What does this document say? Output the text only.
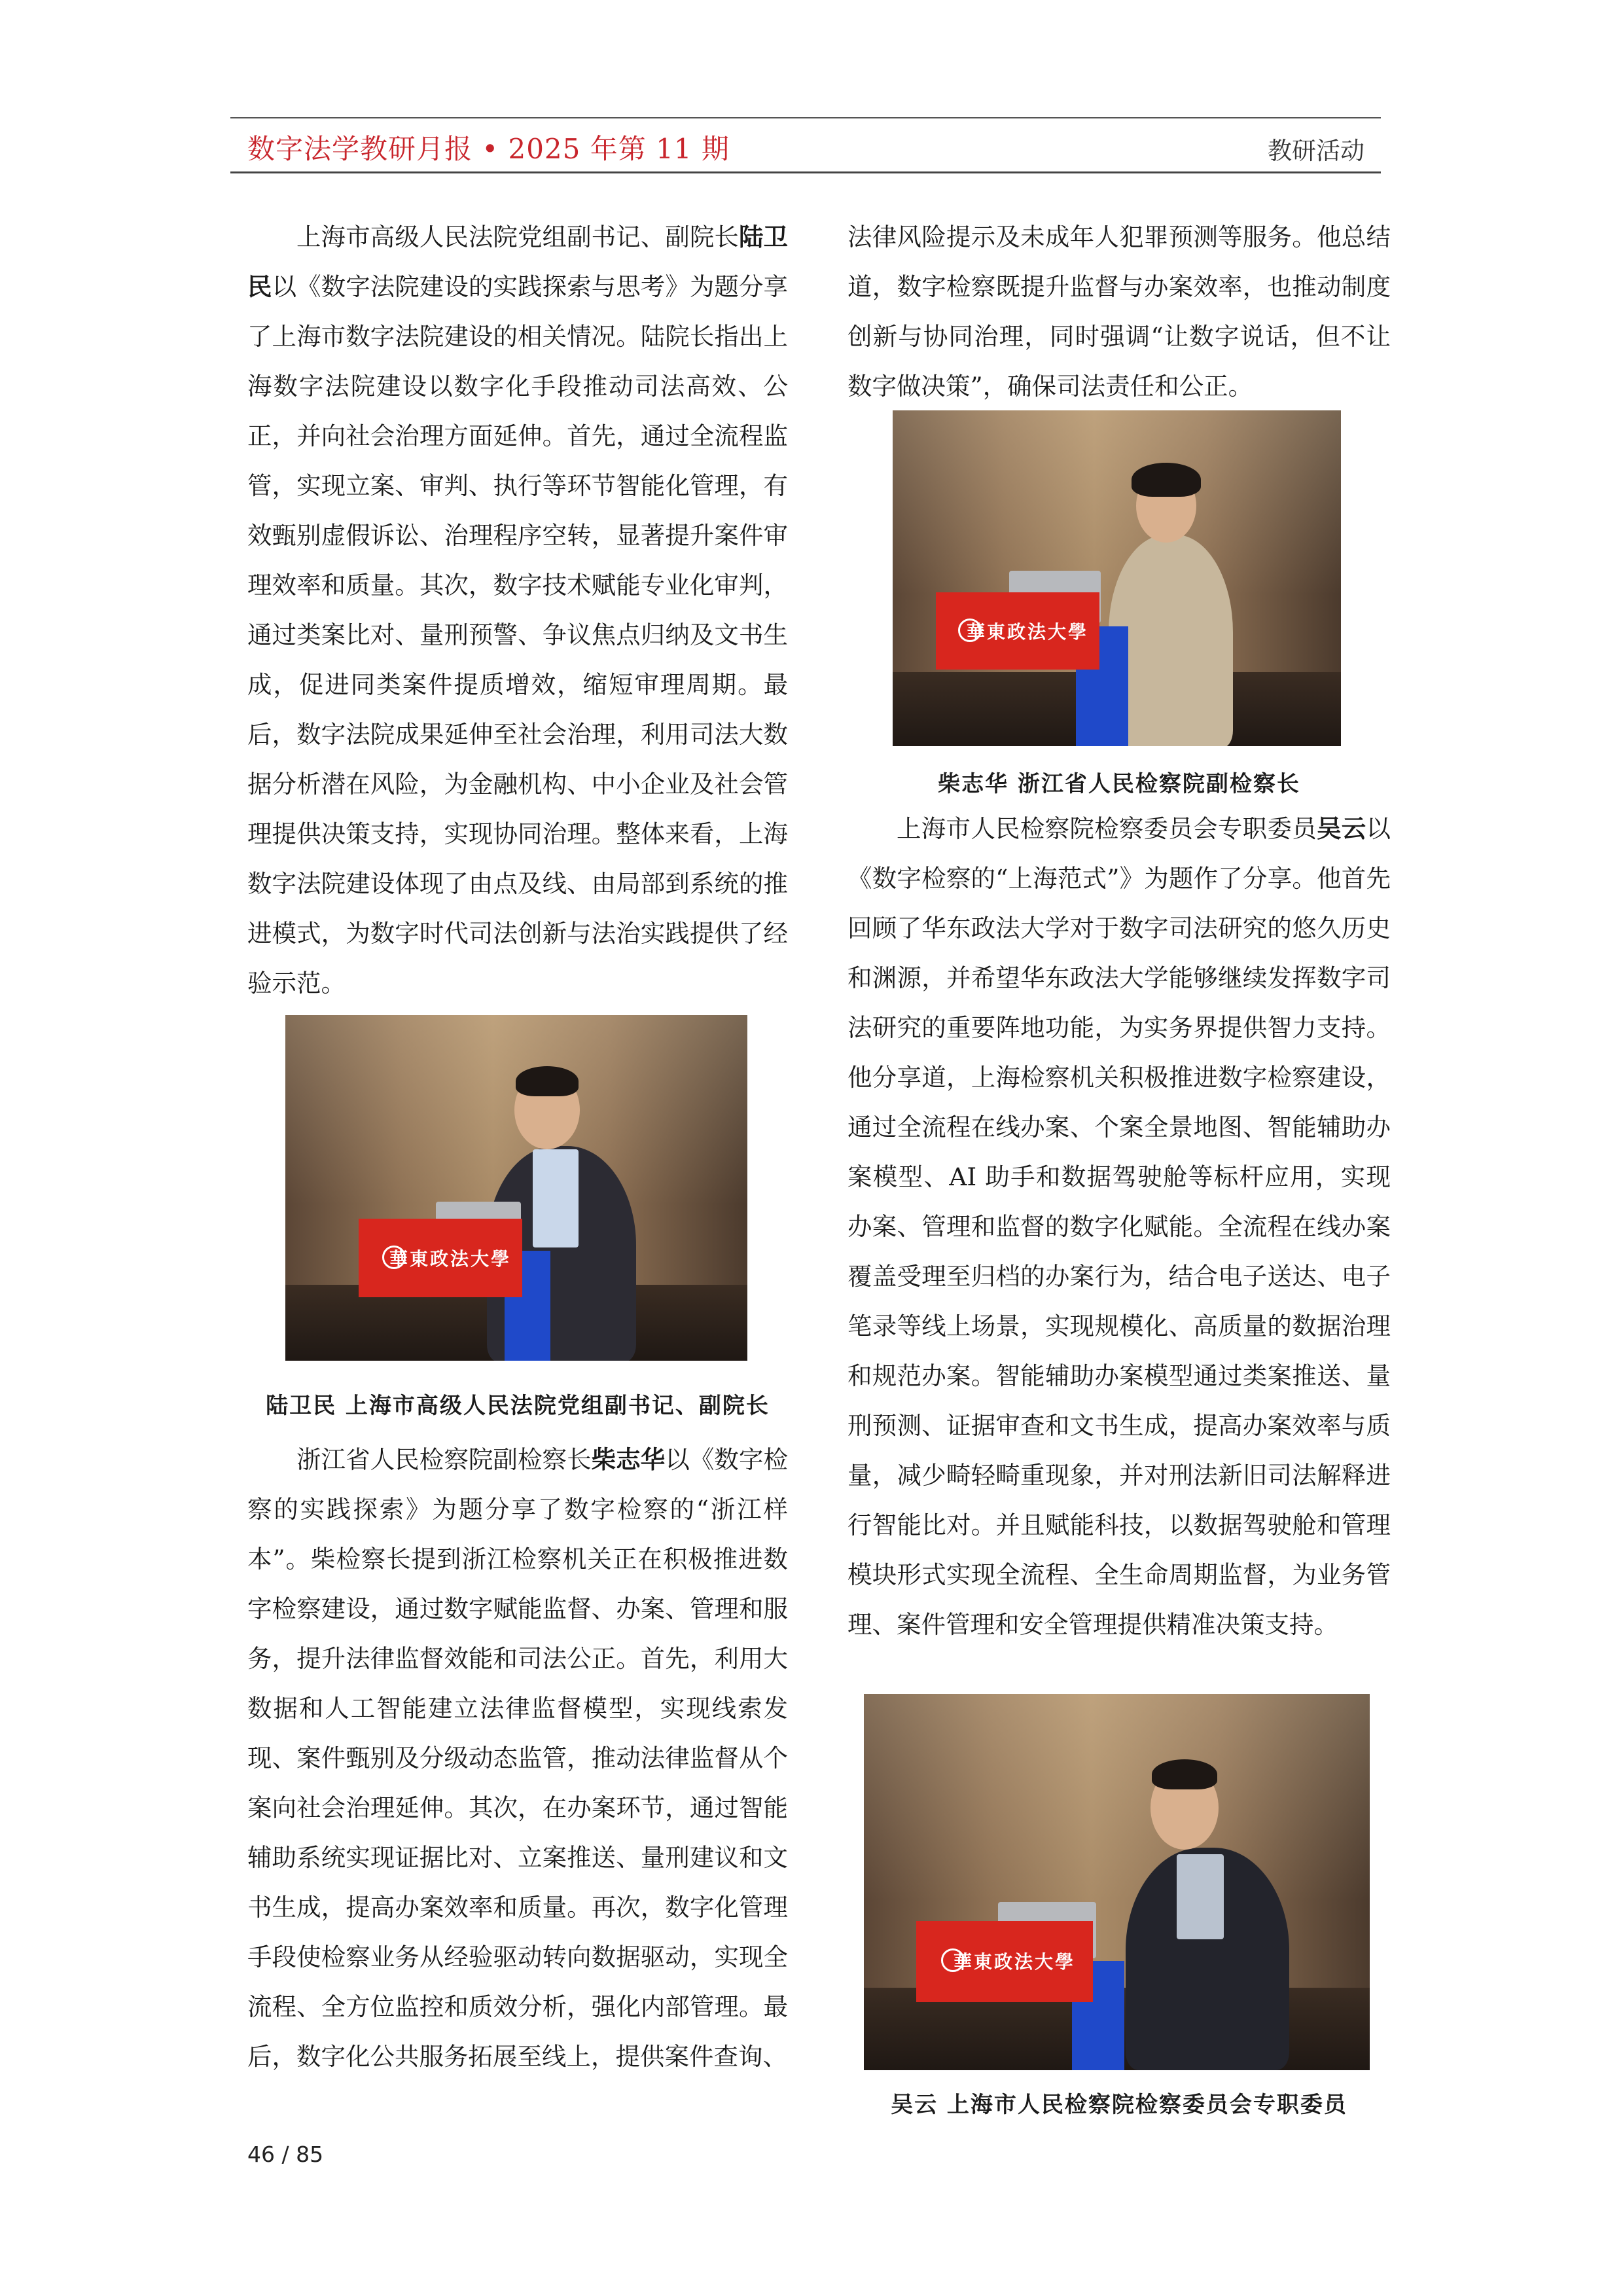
数字法学教研月报 • 2025 年第 11 期	教研活动

上海市高级人民法院党组副书记、副院长陆卫民以《数字法院建设的实践探索与思考》为题分享了上海市数字法院建设的相关情况。陆院长指出上海数字法院建设以数字化手段推动司法高效、公正，并向社会治理方面延伸。首先，通过全流程监管，实现立案、审判、执行等环节智能化管理，有效甄别虚假诉讼、治理程序空转，显著提升案件审理效率和质量。其次，数字技术赋能专业化审判，通过类案比对、量刑预警、争议焦点归纳及文书生成，促进同类案件提质增效，缩短审理周期。最后，数字法院成果延伸至社会治理，利用司法大数据分析潜在风险，为金融机构、中小企业及社会管理提供决策支持，实现协同治理。整体来看，上海数字法院建设体现了由点及线、由局部到系统的推进模式，为数字时代司法创新与法治实践提供了经验示范。

華東政法大學
陆卫民 上海市高级人民法院党组副书记、副院长

浙江省人民检察院副检察长柴志华以《数字检察的实践探索》为题分享了数字检察的“浙江样本”。柴检察长提到浙江检察机关正在积极推进数字检察建设，通过数字赋能监督、办案、管理和服务，提升法律监督效能和司法公正。首先，利用大数据和人工智能建立法律监督模型，实现线索发现、案件甄别及分级动态监管，推动法律监督从个案向社会治理延伸。其次，在办案环节，通过智能辅助系统实现证据比对、立案推送、量刑建议和文书生成，提高办案效率和质量。再次，数字化管理手段使检察业务从经验驱动转向数据驱动，实现全流程、全方位监控和质效分析，强化内部管理。最后，数字化公共服务拓展至线上，提供案件查询、

法律风险提示及未成年人犯罪预测等服务。他总结道，数字检察既提升监督与办案效率，也推动制度创新与协同治理，同时强调“让数字说话，但不让数字做决策”，确保司法责任和公正。

華東政法大學
柴志华 浙江省人民检察院副检察长

上海市人民检察院检察委员会专职委员吴云以《数字检察的“上海范式”》为题作了分享。他首先回顾了华东政法大学对于数字司法研究的悠久历史和渊源，并希望华东政法大学能够继续发挥数字司法研究的重要阵地功能，为实务界提供智力支持。他分享道，上海检察机关积极推进数字检察建设，通过全流程在线办案、个案全景地图、智能辅助办案模型、AI 助手和数据驾驶舱等标杆应用，实现办案、管理和监督的数字化赋能。全流程在线办案覆盖受理至归档的办案行为，结合电子送达、电子笔录等线上场景，实现规模化、高质量的数据治理和规范办案。智能辅助办案模型通过类案推送、量刑预测、证据审查和文书生成，提高办案效率与质量，减少畸轻畸重现象，并对刑法新旧司法解释进行智能比对。并且赋能科技，以数据驾驶舱和管理模块形式实现全流程、全生命周期监督，为业务管理、案件管理和安全管理提供精准决策支持。

華東政法大學
吴云 上海市人民检察院检察委员会专职委员
46 / 85
